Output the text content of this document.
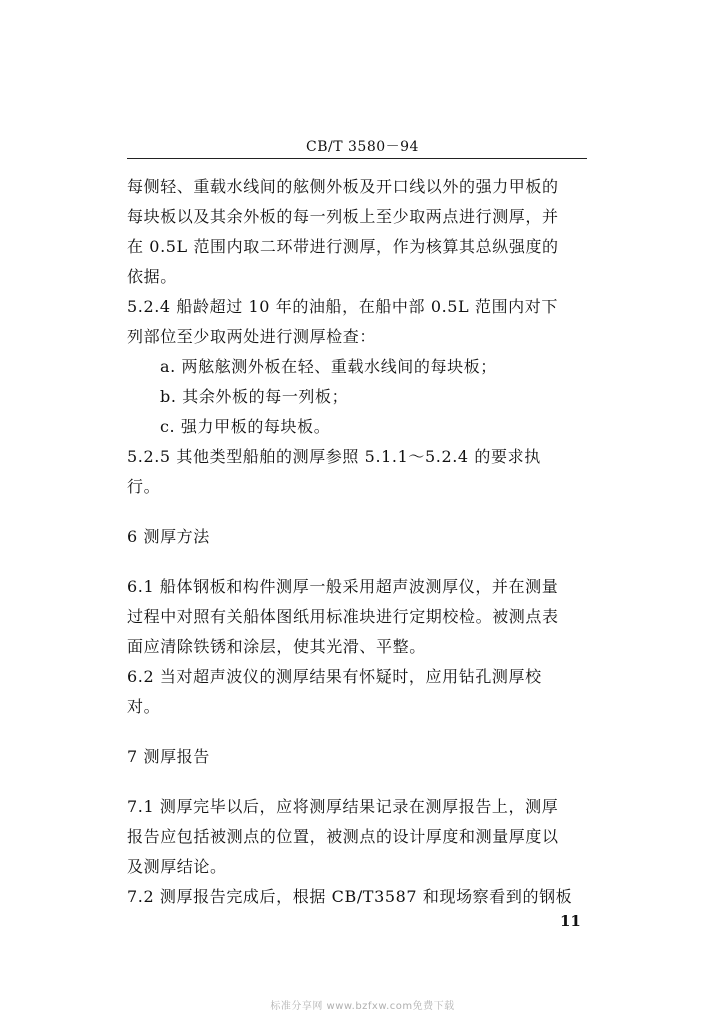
CB/T 3580－94
每侧轻、重载水线间的舷侧外板及开口线以外的强力甲板的
每块板以及其余外板的每一列板上至少取两点进行测厚，并
在 0.5L 范围内取二环带进行测厚，作为核算其总纵强度的
依据。
5.2.4 船龄超过 10 年的油船，在船中部 0.5L 范围内对下
列部位至少取两处进行测厚检查：
a. 两舷舷测外板在轻、重载水线间的每块板；
b. 其余外板的每一列板；
c. 强力甲板的每块板。
5.2.5 其他类型船舶的测厚参照 5.1.1～5.2.4 的要求执
行。
6 测厚方法
6.1 船体钢板和构件测厚一般采用超声波测厚仪，并在测量
过程中对照有关船体图纸用标准块进行定期校检。被测点表
面应清除铁锈和涂层，使其光滑、平整。
6.2 当对超声波仪的测厚结果有怀疑时，应用钻孔测厚校
对。
7 测厚报告
7.1 测厚完毕以后，应将测厚结果记录在测厚报告上，测厚
报告应包括被测点的位置，被测点的设计厚度和测量厚度以
及测厚结论。
7.2 测厚报告完成后，根据 CB/T3587 和现场察看到的钢板
11
标准分享网 www.bzfxw.com免费下载
